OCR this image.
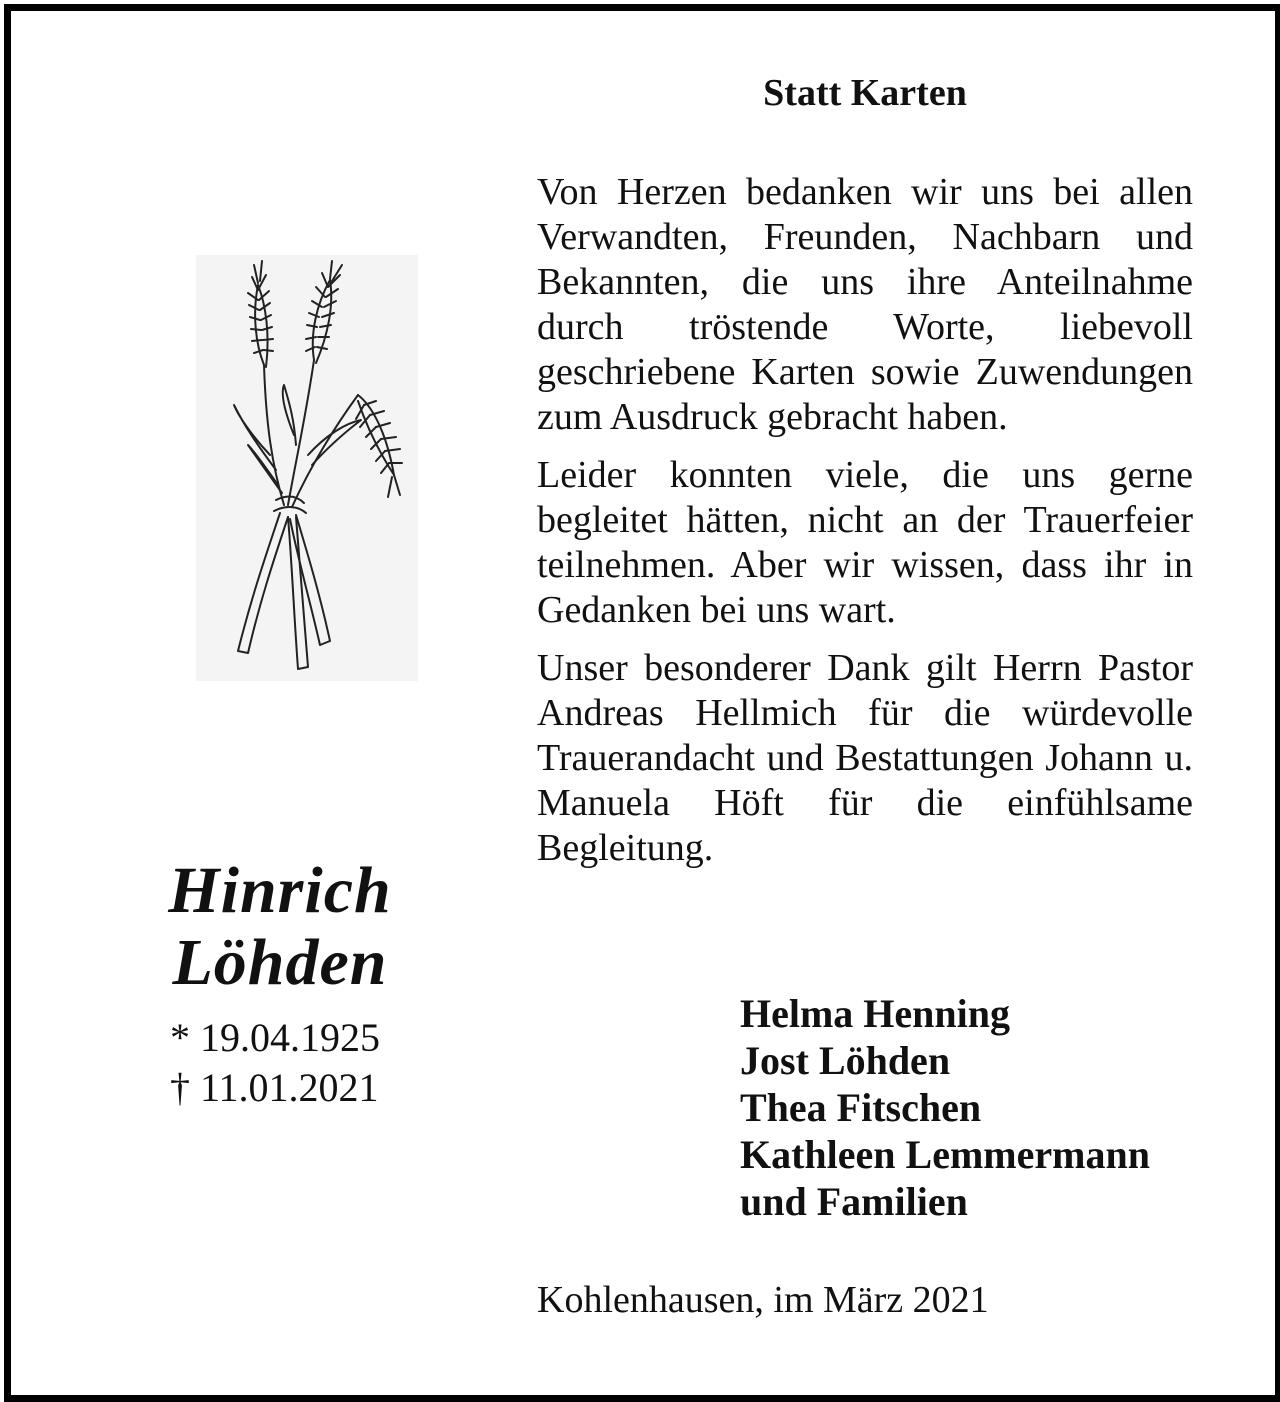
Statt Karten

Von Herzen bedanken wir uns bei allen Verwandten, Freunden, Nachbarn und Bekannten, die uns ihre Anteilnahme durch tröstende Worte, liebevoll geschriebene Karten sowie Zuwendungen zum Ausdruck gebracht haben.

Leider konnten viele, die uns gerne begleitet hätten, nicht an der Trauerfeier teilnehmen. Aber wir wissen, dass ihr in Gedanken bei uns wart.

Unser besonderer Dank gilt Herrn Pastor Andreas Hellmich für die würdevolle Trauerandacht und Bestattungen Johann u. Manuela Höft für die einfühlsame Begleitung.

Hinrich
Löhden
* 19.04.1925
† 11.01.2021
Helma Henning
Jost Löhden
Thea Fitschen
Kathleen Lemmermann
und Familien
Kohlenhausen, im März 2021
